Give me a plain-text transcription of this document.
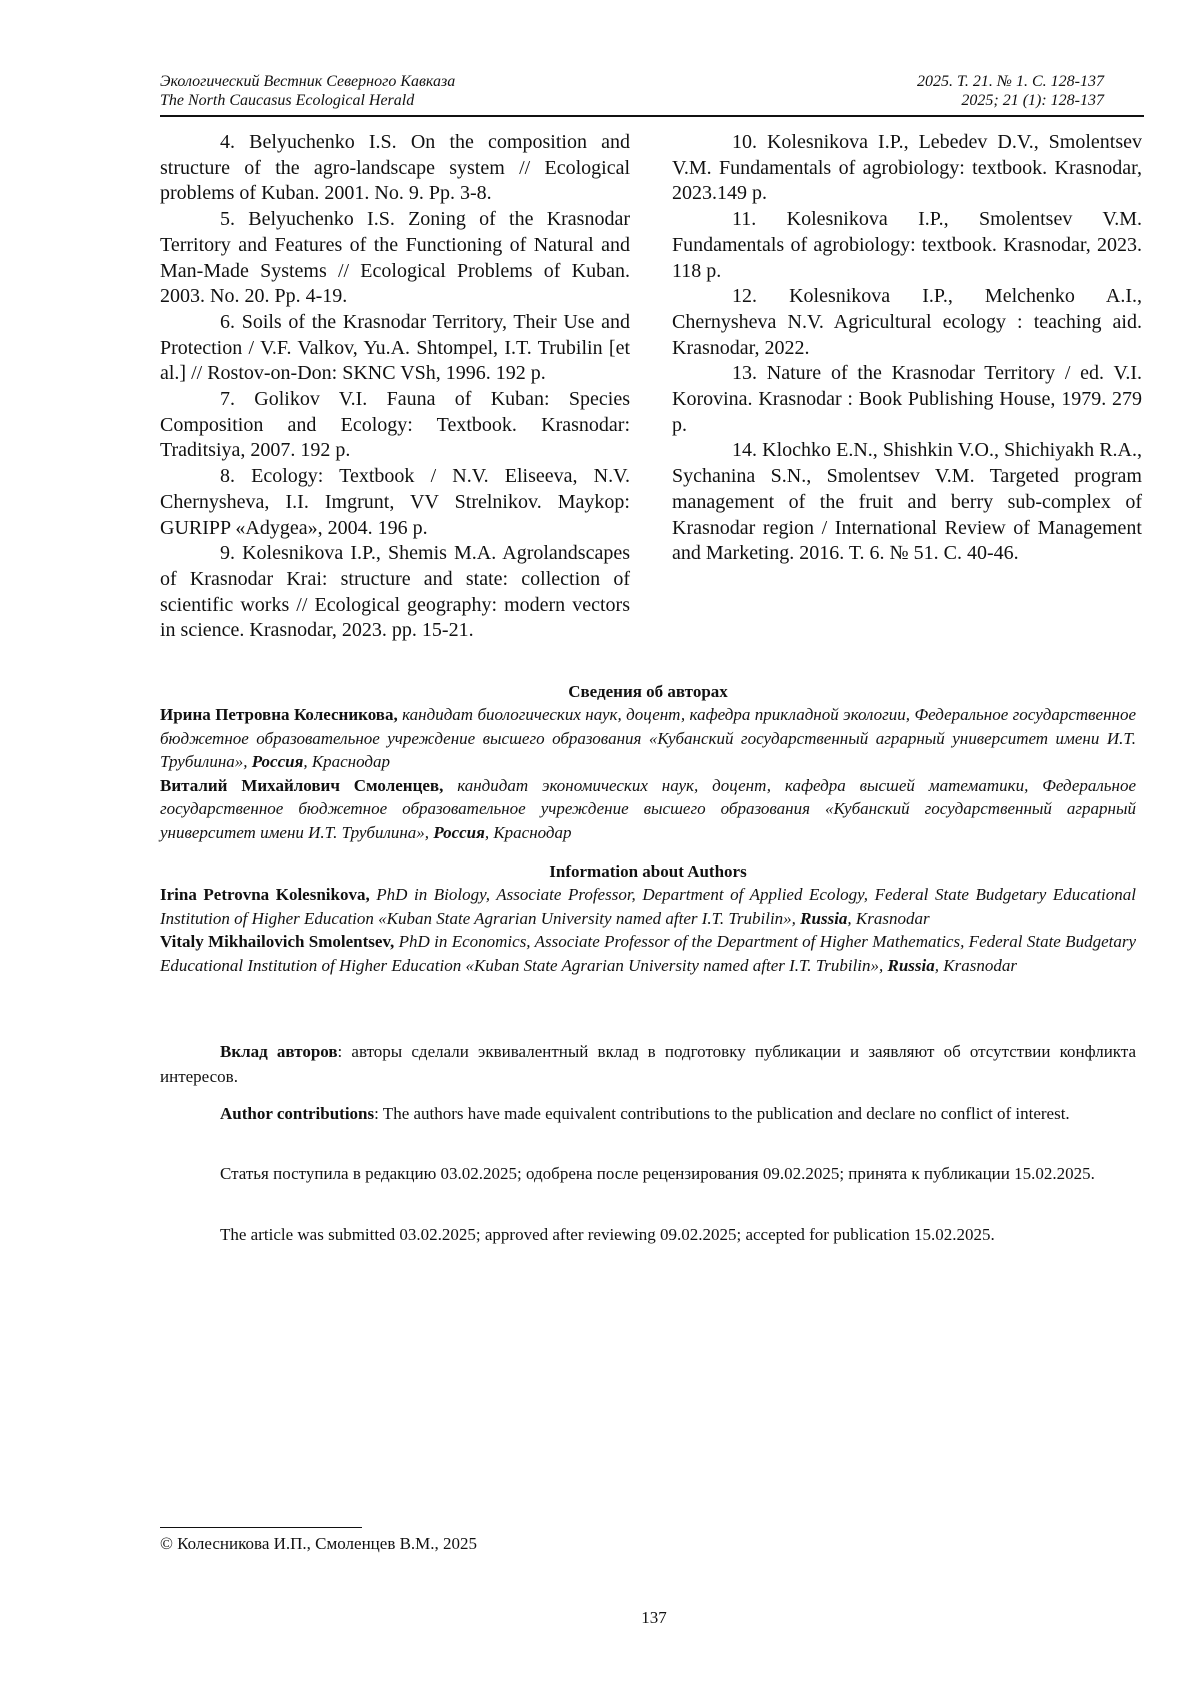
Экологический Вестник Северного Кавказа	2025. Т. 21. № 1. С. 128-137
The North Caucasus Ecological Herald	2025; 21 (1): 128-137

4. Belyuchenko I.S. On the composition and structure of the agro-landscape system // Ecological problems of Kuban. 2001. No. 9. Pp. 3-8.

5. Belyuchenko I.S. Zoning of the Krasnodar Territory and Features of the Functioning of Natural and Man-Made Systems // Ecological Problems of Kuban. 2003. No. 20. Pp. 4-19.

6. Soils of the Krasnodar Territory, Their Use and Protection / V.F. Valkov, Yu.A. Shtompel, I.T. Trubilin [et al.] // Rostov-on-Don: SKNC VSh, 1996. 192 p.

7. Golikov V.I. Fauna of Kuban: Species Composition and Ecology: Textbook. Krasnodar: Traditsiya, 2007. 192 p.

8. Ecology: Textbook / N.V. Eliseeva, N.V. Chernysheva, I.I. Imgrunt, VV Strelnikov. Maykop: GURIPP «Adygea», 2004. 196 p.

9. Kolesnikova I.P., Shemis M.A. Agrolandscapes of Krasnodar Krai: structure and state: collection of scientific works // Ecological geography: modern vectors in science. Krasnodar, 2023. pp. 15-21.

10. Kolesnikova I.P., Lebedev D.V., Smolentsev V.M. Fundamentals of agrobiology: textbook. Krasnodar, 2023.149 p.

11. Kolesnikova I.P., Smolentsev V.M. Fundamentals of agrobiology: textbook. Krasnodar, 2023. 118 p.

12. Kolesnikova I.P., Melchenko A.I., Chernysheva N.V. Agricultural ecology : teaching aid. Krasnodar, 2022.

13. Nature of the Krasnodar Territory / ed. V.I. Korovina. Krasnodar : Book Publishing House, 1979. 279 p.

14. Klochko E.N., Shishkin V.O., Shichiyakh R.A., Sychanina S.N., Smolentsev V.M. Targeted program management of the fruit and berry sub-complex of Krasnodar region / International Review of Management and Marketing. 2016. T. 6. № 51. C. 40-46.

Сведения об авторах

Ирина Петровна Колесникова, кандидат биологических наук, доцент, кафедра прикладной экологии, Федеральное государственное бюджетное образовательное учреждение высшего образования «Кубанский государственный аграрный университет имени И.Т. Трубилина», Россия, Краснодар

Виталий Михайлович Смоленцев, кандидат экономических наук, доцент, кафедра высшей математики, Федеральное государственное бюджетное образовательное учреждение высшего образования «Кубанский государственный аграрный университет имени И.Т. Трубилина», Россия, Краснодар

Information about Authors

Irina Petrovna Kolesnikova, PhD in Biology, Associate Professor, Department of Applied Ecology, Federal State Budgetary Educational Institution of Higher Education «Kuban State Agrarian University named after I.T. Trubilin», Russia, Krasnodar

Vitaly Mikhailovich Smolentsev, PhD in Economics, Associate Professor of the Department of Higher Mathematics, Federal State Budgetary Educational Institution of Higher Education «Kuban State Agrarian University named after I.T. Trubilin», Russia, Krasnodar

Вклад авторов: авторы сделали эквивалентный вклад в подготовку публикации и заявляют об отсутствии конфликта интересов.

Author contributions: The authors have made equivalent contributions to the publication and declare no conflict of interest.

Статья поступила в редакцию 03.02.2025; одобрена после рецензирования 09.02.2025; принята к публикации 15.02.2025.

The article was submitted 03.02.2025; approved after reviewing 09.02.2025; accepted for publication 15.02.2025.

© Колесникова И.П., Смоленцев В.М., 2025
137
